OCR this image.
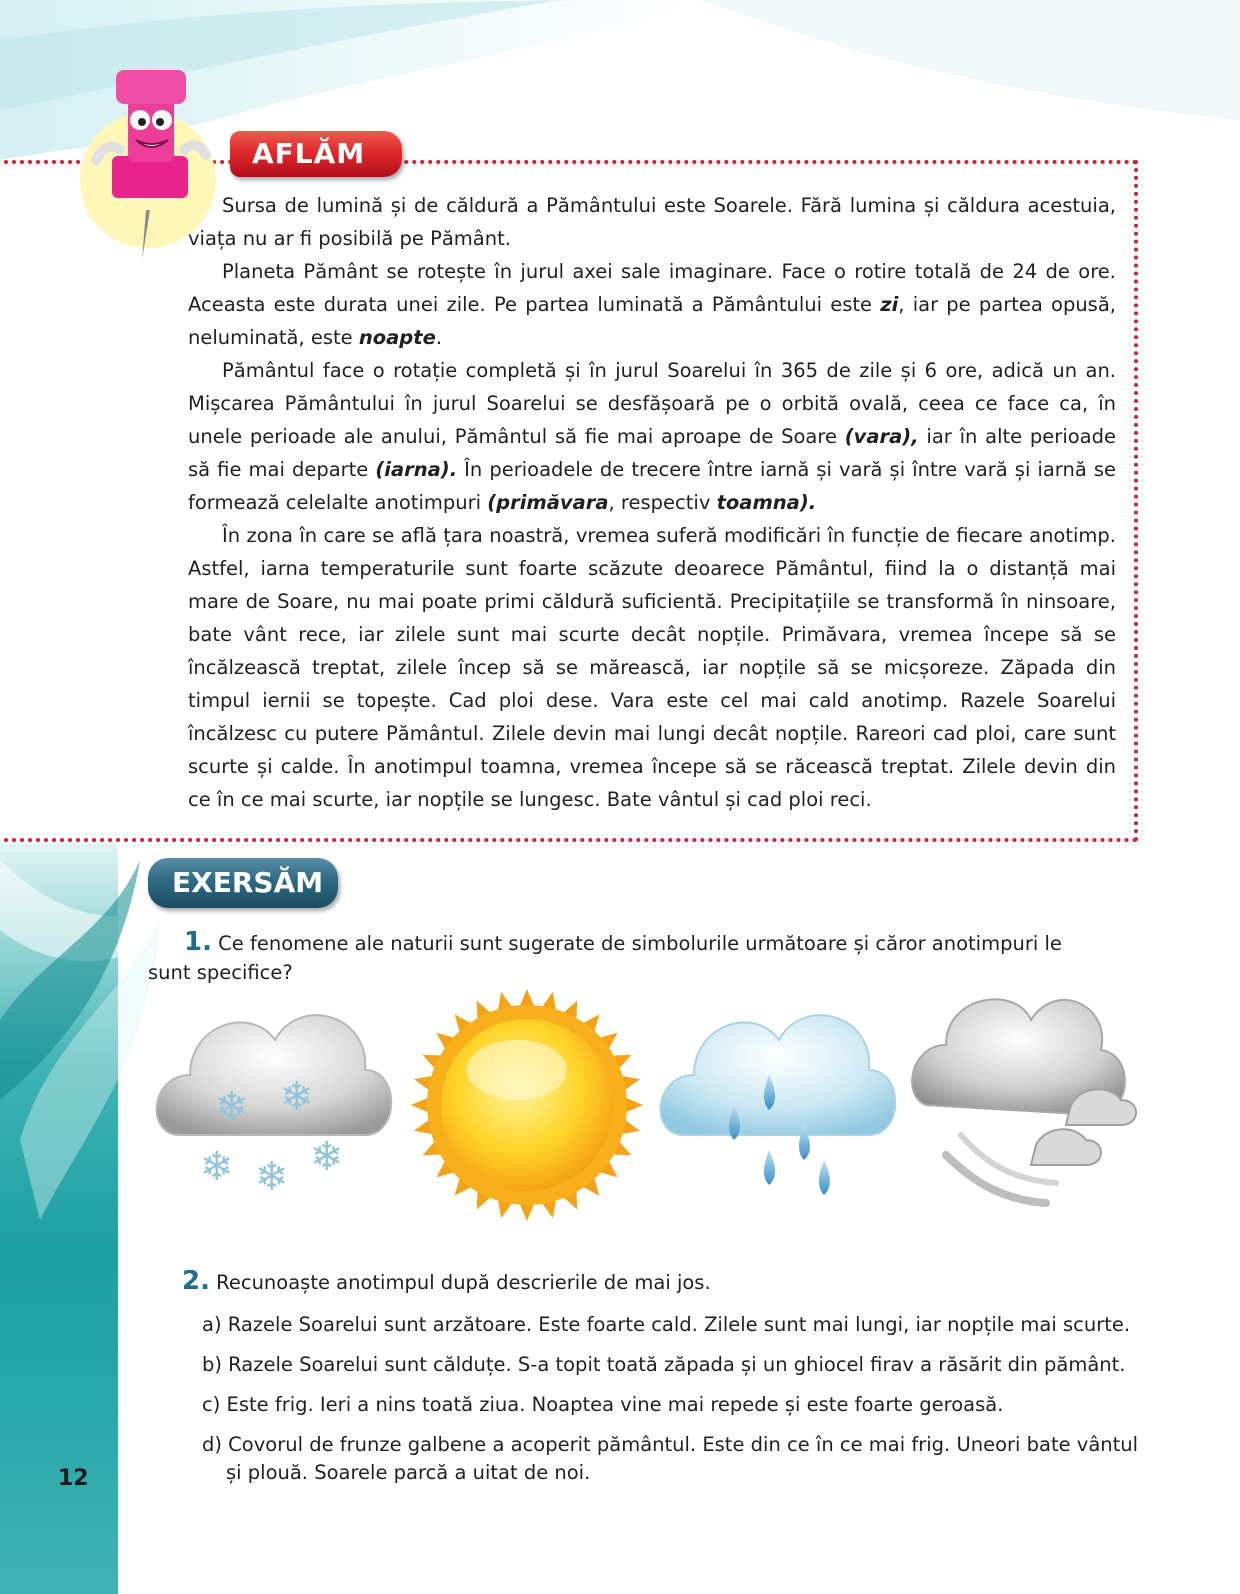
12
AFLĂM

Sursa de lumină și de căldură a Pământului este Soarele. Fără lumina și căldura acestuia, viața nu ar fi posibilă pe Pământ.

Planeta Pământ se rotește în jurul axei sale imaginare. Face o rotire totală de 24 de ore. Aceasta este durata unei zile. Pe partea luminată a Pământului este zi, iar pe partea opusă, neluminată, este noapte.

Pământul face o rotație completă și în jurul Soarelui în 365 de zile și 6 ore, adică un an. Mișcarea Pământului în jurul Soarelui se desfășoară pe o orbită ovală, ceea ce face ca, în unele perioade ale anului, Pământul să fie mai aproape de Soare (vara), iar în alte perioade să fie mai departe (iarna). În perioadele de trecere între iarnă și vară și între vară și iarnă se formează celelalte anotimpuri (primăvara, respectiv toamna).

În zona în care se află țara noastră, vremea suferă modificări în funcție de fiecare anotimp. Astfel, iarna temperaturile sunt foarte scăzute deoarece Pământul, fiind la o distanță mai mare de Soare, nu mai poate primi căldură suficientă. Precipitațiile se transformă în ninsoare, bate vânt rece, iar zilele sunt mai scurte decât nopțile. Primăvara, vremea începe să se încălzească treptat, zilele încep să se mărească, iar nopțile să se micșoreze. Zăpada din timpul iernii se topește. Cad ploi dese. Vara este cel mai cald anotimp. Razele Soarelui încălzesc cu putere Pământul. Zilele devin mai lungi decât nopțile. Rareori cad ploi, care sunt scurte și calde. În anotimpul toamna, vremea începe să se răcească treptat. Zilele devin din ce în ce mai scurte, iar nopțile se lungesc. Bate vântul și cad ploi reci.

EXERSĂM
1. Ce fenomene ale naturii sunt sugerate de simbolurile următoare și căror anotimpuri le sunt specifice?
❄ ❄
❄ ❄ ❄
2. Recunoaște anotimpul după descrierile de mai jos.
a) Razele Soarelui sunt arzătoare. Este foarte cald. Zilele sunt mai lungi, iar nopțile mai scurte.
b) Razele Soarelui sunt călduțe. S-a topit toată zăpada și un ghiocel firav a răsărit din pământ.
c) Este frig. Ieri a nins toată ziua. Noaptea vine mai repede și este foarte geroasă.
d) Covorul de frunze galbene a acoperit pământul. Este din ce în ce mai frig. Uneori bate vântul și plouă. Soarele parcă a uitat de noi.
